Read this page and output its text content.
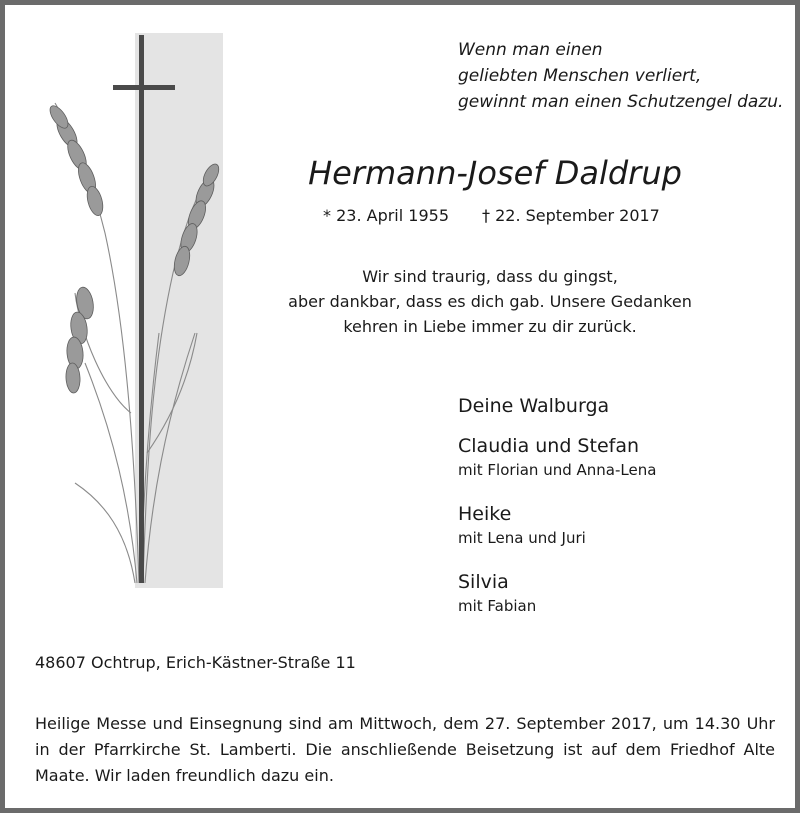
Wenn man einen
geliebten Menschen verliert,
gewinnt man einen Schutzengel dazu.
Hermann-Josef Daldrup
* 23. April 1955 † 22. September 2017
Wir sind traurig, dass du gingst,
aber dankbar, dass es dich gab. Unsere Gedanken
kehren in Liebe immer zu dir zurück.
Deine Walburga
Claudia und Stefan
mit Florian und Anna-Lena
Heike
mit Lena und Juri
Silvia
mit Fabian
48607 Ochtrup, Erich-Kästner-Straße 11
Heilige Messe und Einsegnung sind am Mittwoch, dem 27. September 2017, um 14.30 Uhr in der Pfarrkirche St. Lamberti. Die anschließende Beisetzung ist auf dem Friedhof Alte Maate. Wir laden freundlich dazu ein.
